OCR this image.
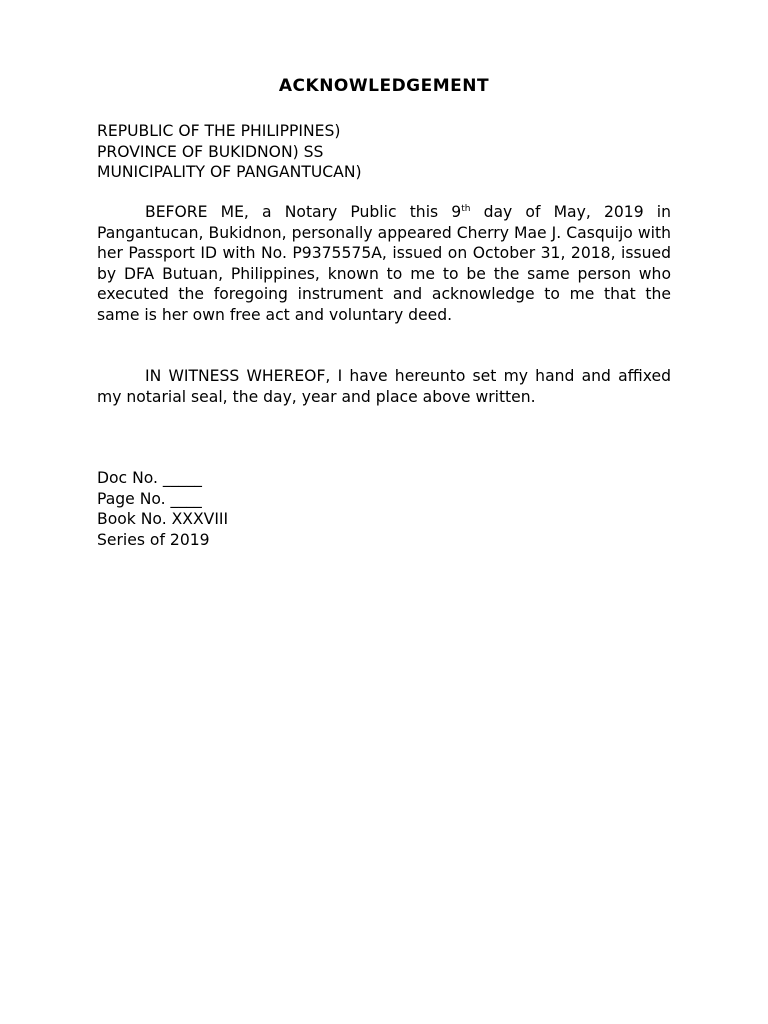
ACKNOWLEDGEMENT
REPUBLIC OF THE PHILIPPINES)
PROVINCE OF BUKIDNON) SS
MUNICIPALITY OF PANGANTUCAN)
BEFORE ME, a Notary Public this 9th day of May, 2019 in Pangantucan, Bukidnon, personally appeared Cherry Mae J. Casquijo with her Passport ID with No. P9375575A, issued on October 31, 2018, issued by DFA Butuan, Philippines, known to me to be the same person who executed the foregoing instrument and acknowledge to me that the same is her own free act and voluntary deed.
IN WITNESS WHEREOF, I have hereunto set my hand and affixed my notarial seal, the day, year and place above written.
Doc No. _____
Page No. ____
Book No. XXXVIII
Series of 2019
